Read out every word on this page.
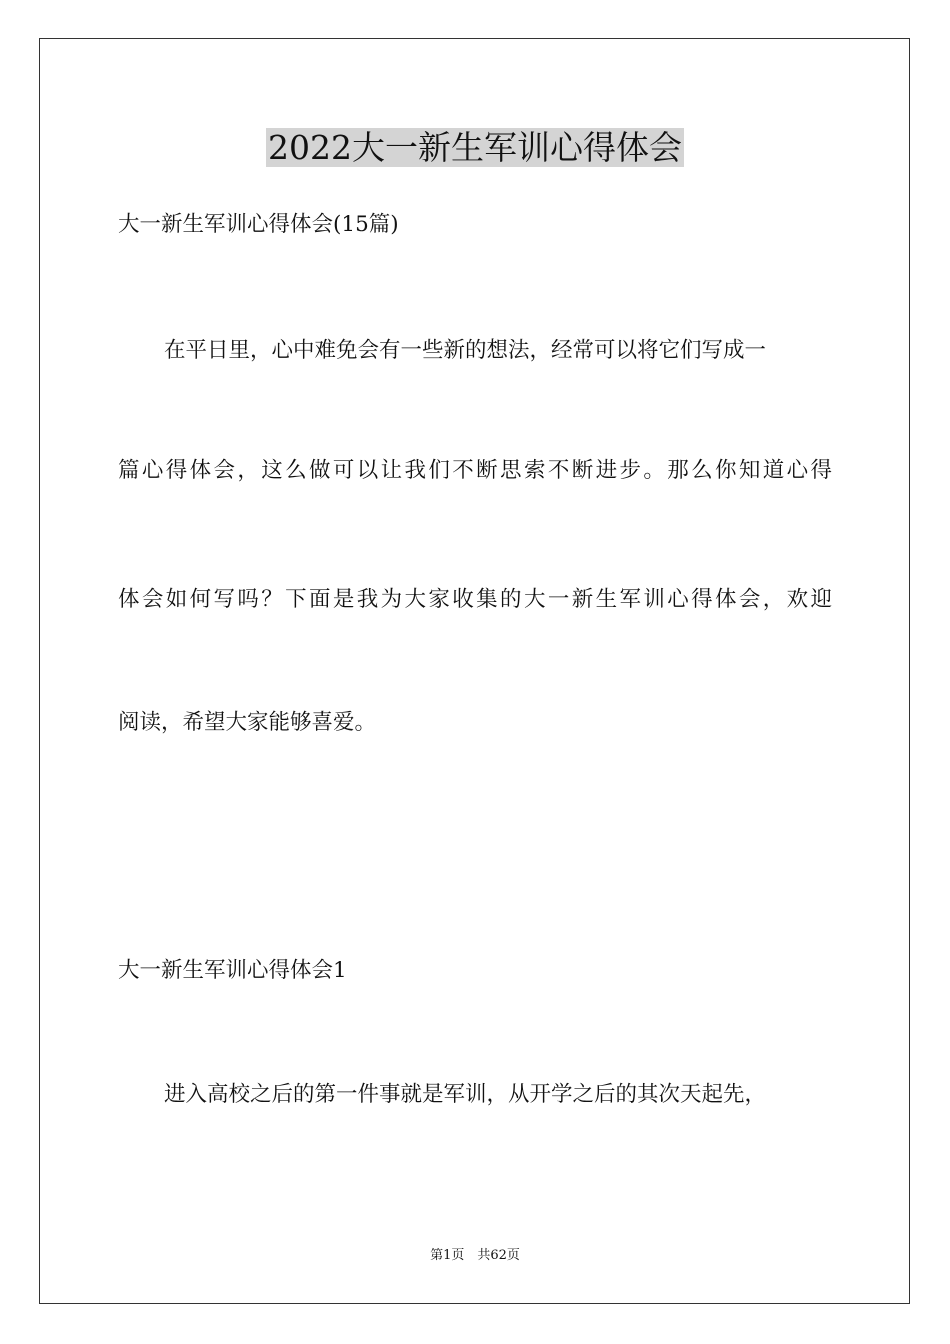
2022大一新生军训心得体会

大一新生军训心得体会(15篇)

在平日里，心中难免会有一些新的想法，经常可以将它们写成一

篇心得体会，这么做可以让我们不断思索不断进步。那么你知道心得

体会如何写吗？下面是我为大家收集的大一新生军训心得体会，欢迎

阅读，希望大家能够喜爱。

大一新生军训心得体会1

进入高校之后的第一件事就是军训，从开学之后的其次天起先，

第1页　共62页
